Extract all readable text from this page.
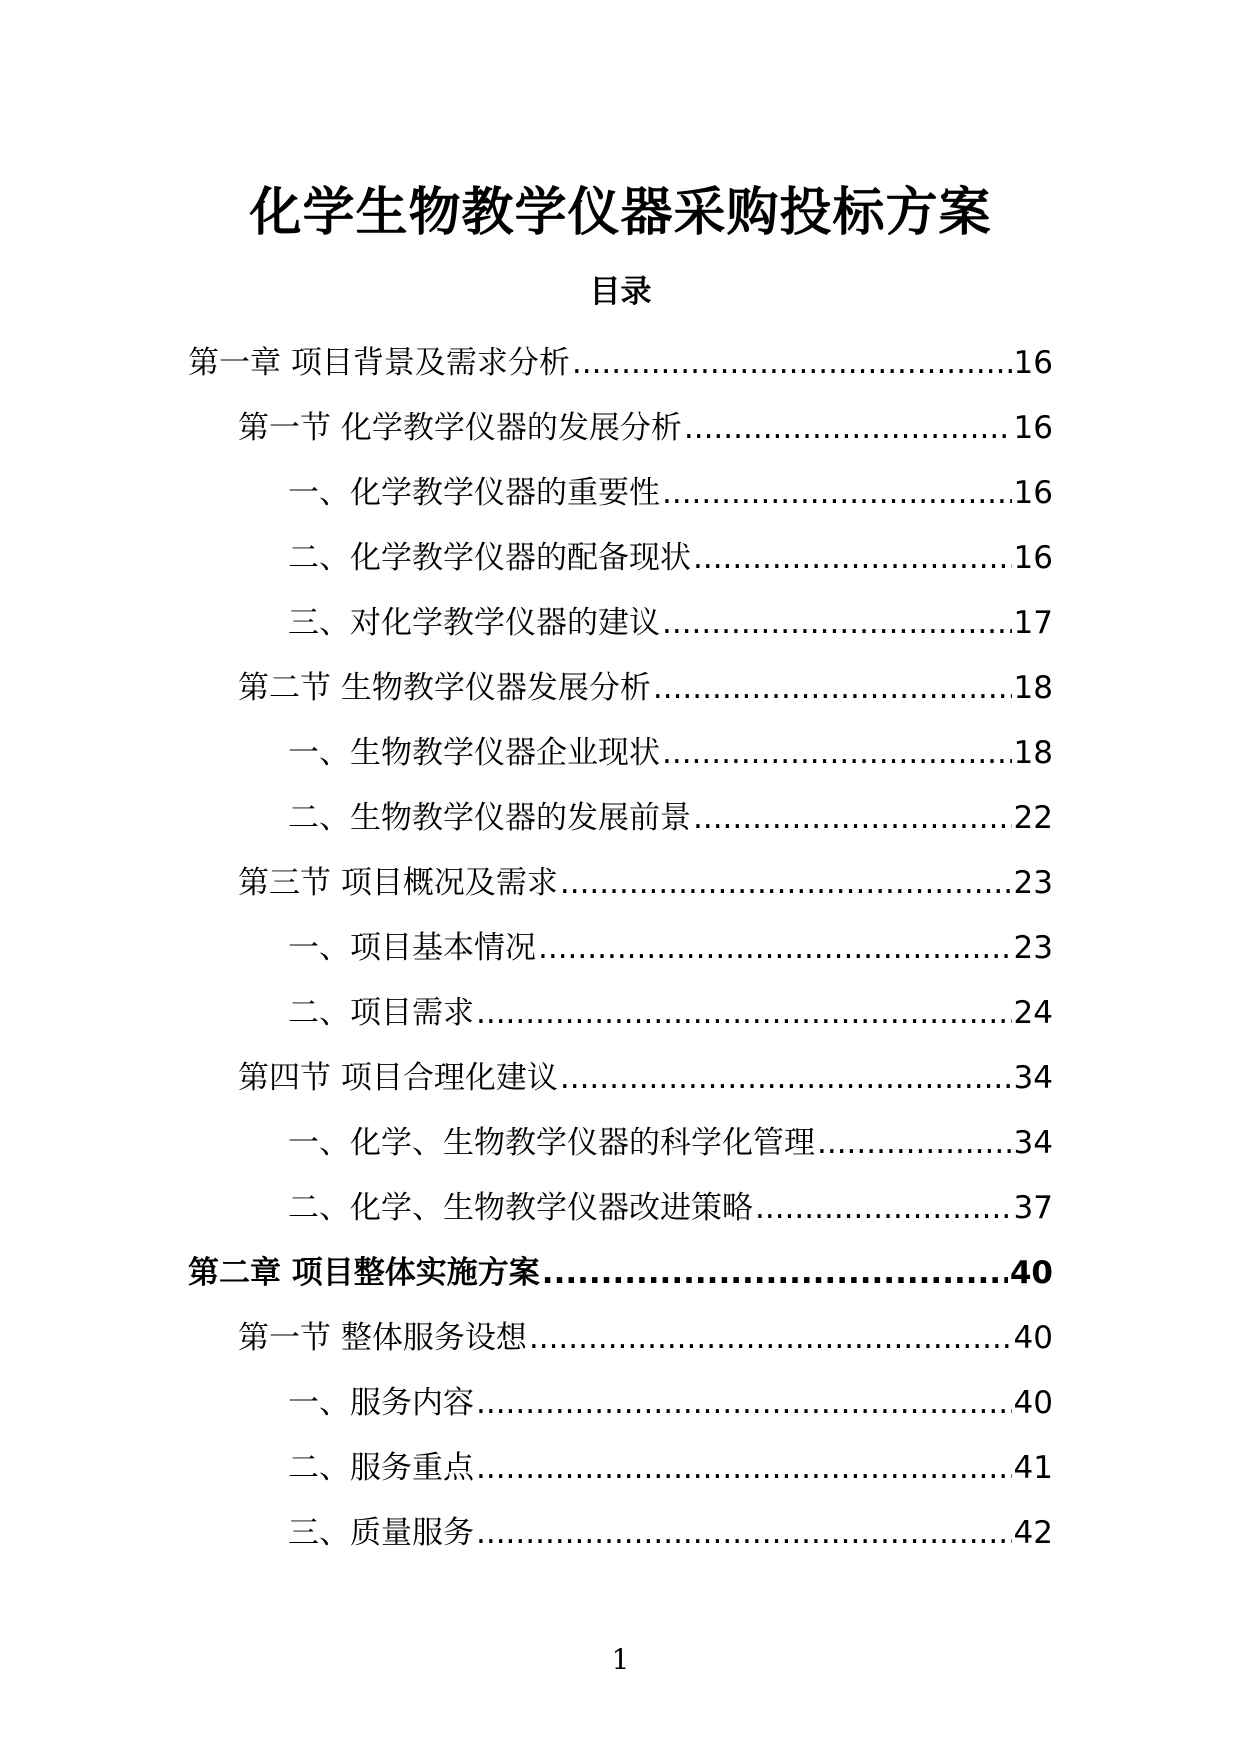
化学生物教学仪器采购投标方案
目录
第一章 项目背景及需求分析 .....	16
第一节 化学教学仪器的发展分析 .....	16
一、化学教学仪器的重要性 .....	16
二、化学教学仪器的配备现状 .....	16
三、对化学教学仪器的建议 .....	17
第二节 生物教学仪器发展分析 .....	18
一、生物教学仪器企业现状 .....	18
二、生物教学仪器的发展前景 .....	22
第三节 项目概况及需求 .....	23
一、项目基本情况 .....	23
二、项目需求 .....	24
第四节 项目合理化建议 .....	34
一、化学、生物教学仪器的科学化管理 .....	34
二、化学、生物教学仪器改进策略 .....	37
第二章 项目整体实施方案 .....	40
第一节 整体服务设想 .....	40
一、服务内容 .....	40
二、服务重点 .....	41
三、质量服务 .....	42
1
